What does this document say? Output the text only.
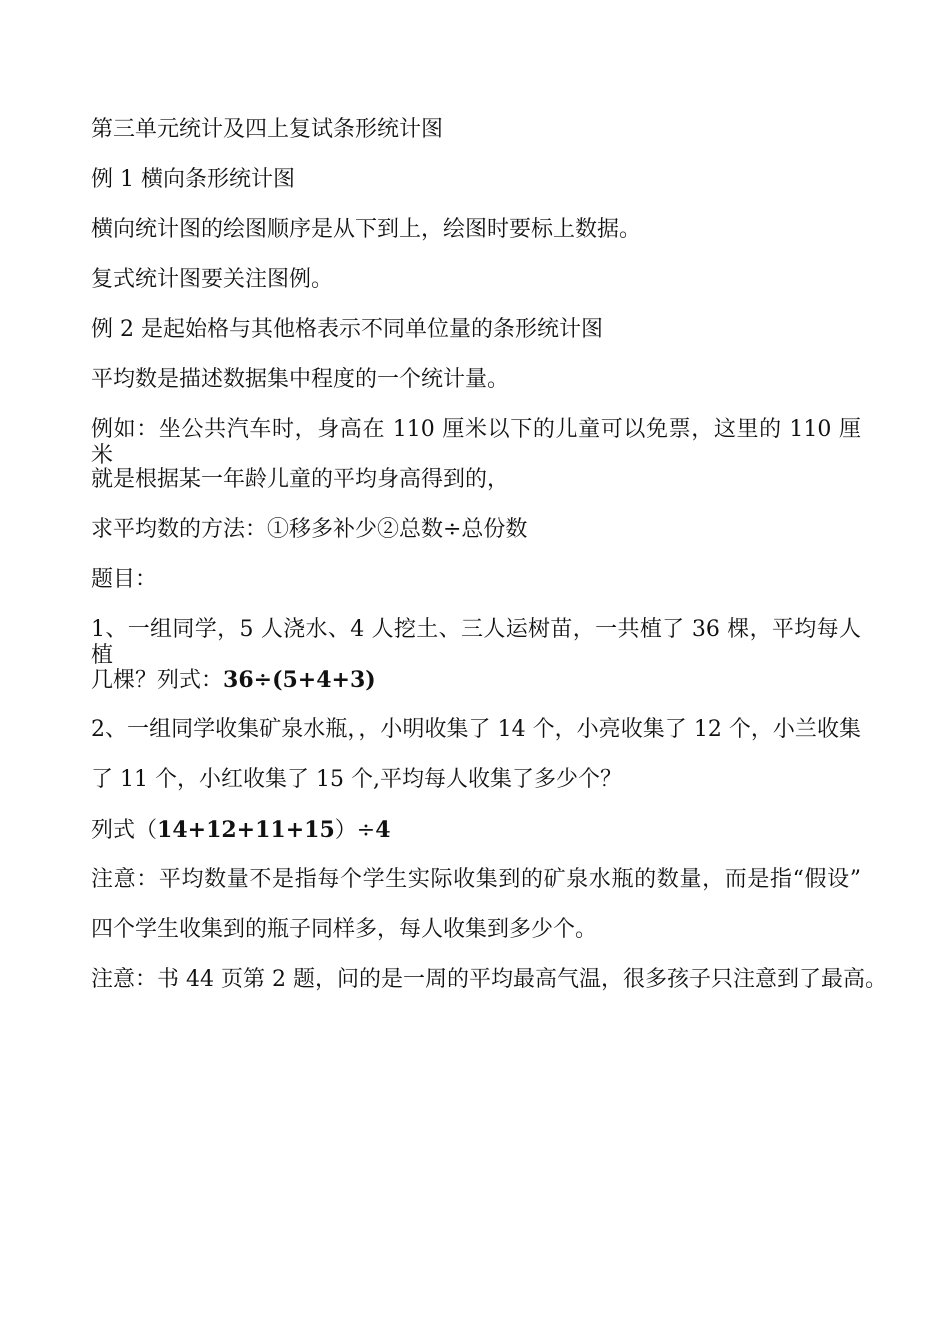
第三单元统计及四上复试条形统计图
例 1 横向条形统计图
横向统计图的绘图顺序是从下到上，绘图时要标上数据。
复式统计图要关注图例。
例 2 是起始格与其他格表示不同单位量的条形统计图
平均数是描述数据集中程度的一个统计量。
例如：坐公共汽车时，身高在 110 厘米以下的儿童可以免票，这里的 110 厘米
就是根据某一年龄儿童的平均身高得到的，
求平均数的方法：①移多补少②总数÷总份数
题目：
1、一组同学，5 人浇水、4 人挖土、三人运树苗，一共植了 36 棵，平均每人植
几棵？列式：36÷(5+4+3)
2、一组同学收集矿泉水瓶，，小明收集了 14 个，小亮收集了 12 个，小兰收集
了 11 个，小红收集了 15 个,平均每人收集了多少个？
列式（14+12+11+15）÷4
注意：平均数量不是指每个学生实际收集到的矿泉水瓶的数量，而是指“假设”
四个学生收集到的瓶子同样多，每人收集到多少个。
注意：书 44 页第 2 题，问的是一周的平均最高气温，很多孩子只注意到了最高。
